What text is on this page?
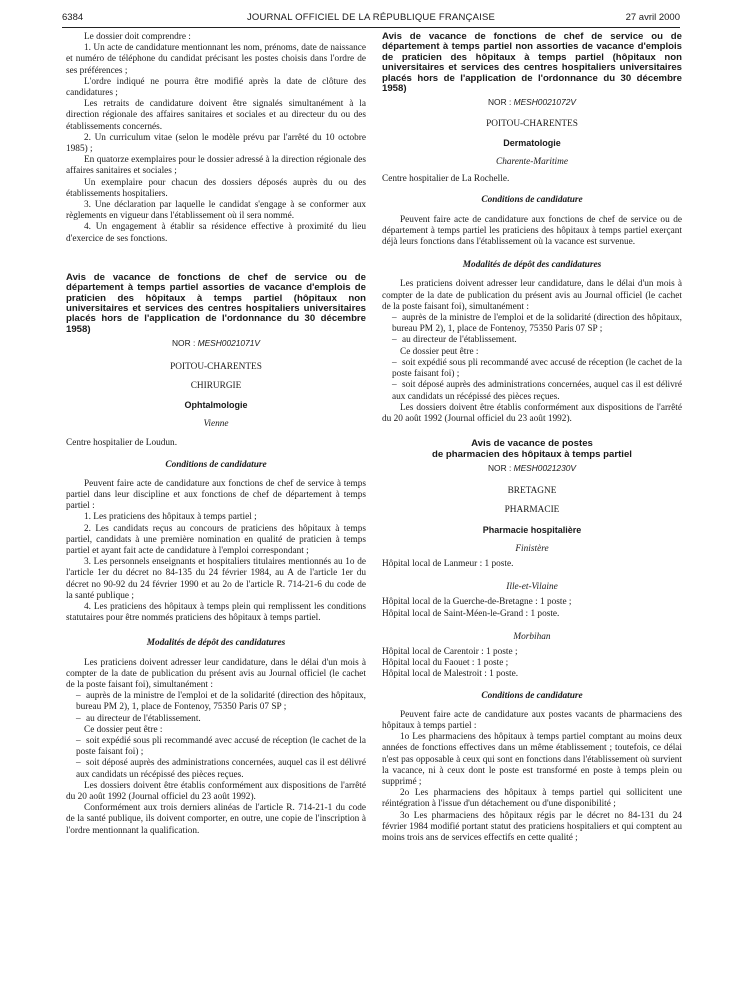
6384	JOURNAL OFFICIEL DE LA RÉPUBLIQUE FRANÇAISE	27 avril 2000

Le dossier doit comprendre :

1. Un acte de candidature mentionnant les nom, prénoms, date de naissance et numéro de téléphone du candidat précisant les postes choisis dans l'ordre de ses préférences ;

L'ordre indiqué ne pourra être modifié après la date de clôture des candidatures ;

Les retraits de candidature doivent être signalés simultanément à la direction régionale des affaires sanitaires et sociales et au directeur du ou des établissements concernés.

2. Un curriculum vitae (selon le modèle prévu par l'arrêté du 10 octobre 1985) ;

En quatorze exemplaires pour le dossier adressé à la direction régionale des affaires sanitaires et sociales ;

Un exemplaire pour chacun des dossiers déposés auprès du ou des établissements hospitaliers.

3. Une déclaration par laquelle le candidat s'engage à se conformer aux règlements en vigueur dans l'établissement où il sera nommé.

4. Un engagement à établir sa résidence effective à proximité du lieu d'exercice de ses fonctions.

Avis de vacance de fonctions de chef de service ou de département à temps partiel assorties de vacance d'emplois de praticien des hôpitaux à temps partiel (hôpitaux non universitaires et services des centres hospitaliers universitaires placés hors de l'application de l'ordonnance du 30 décembre 1958)
NOR : MESH0021071V
POITOU-CHARENTES
CHIRURGIE
Ophtalmologie
Vienne

Centre hospitalier de Loudun.

Conditions de candidature

Peuvent faire acte de candidature aux fonctions de chef de service à temps partiel dans leur discipline et aux fonctions de chef de département à temps partiel :

1. Les praticiens des hôpitaux à temps partiel ;

2. Les candidats reçus au concours de praticiens des hôpitaux à temps partiel, candidats à une première nomination en qualité de praticien à temps partiel et ayant fait acte de candidature à l'emploi correspondant ;

3. Les personnels enseignants et hospitaliers titulaires mentionnés au 1o de l'article 1er du décret no 84-135 du 24 février 1984, au A de l'article 1er du décret no 90-92 du 24 février 1990 et au 2o de l'article R. 714-21-6 du code de la santé publique ;

4. Les praticiens des hôpitaux à temps plein qui remplissent les conditions statutaires pour être nommés praticiens des hôpitaux à temps partiel.

Modalités de dépôt des candidatures

Les praticiens doivent adresser leur candidature, dans le délai d'un mois à compter de la date de publication du présent avis au Journal officiel (le cachet de la poste faisant foi), simultanément :

– auprès de la ministre de l'emploi et de la solidarité (direction des hôpitaux, bureau PM 2), 1, place de Fontenoy, 75350 Paris 07 SP ;

– au directeur de l'établissement.

Ce dossier peut être :

– soit expédié sous pli recommandé avec accusé de réception (le cachet de la poste faisant foi) ;

– soit déposé auprès des administrations concernées, auquel cas il est délivré aux candidats un récépissé des pièces reçues.

Les dossiers doivent être établis conformément aux dispositions de l'arrêté du 20 août 1992 (Journal officiel du 23 août 1992).

Conformément aux trois derniers alinéas de l'article R. 714-21-1 du code de la santé publique, ils doivent comporter, en outre, une copie de l'inscription à l'ordre mentionnant la qualification.

Avis de vacance de fonctions de chef de service ou de département à temps partiel non assorties de vacance d'emplois de praticien des hôpitaux à temps partiel (hôpitaux non universitaires et services des centres hospitaliers universitaires placés hors de l'application de l'ordonnance du 30 décembre 1958)
NOR : MESH0021072V
POITOU-CHARENTES
Dermatologie
Charente-Maritime

Centre hospitalier de La Rochelle.

Conditions de candidature

Peuvent faire acte de candidature aux fonctions de chef de service ou de département à temps partiel les praticiens des hôpitaux à temps partiel exerçant déjà leurs fonctions dans l'établissement où la vacance est survenue.

Modalités de dépôt des candidatures

Les praticiens doivent adresser leur candidature, dans le délai d'un mois à compter de la date de publication du présent avis au Journal officiel (le cachet de la poste faisant foi), simultanément :

– auprès de la ministre de l'emploi et de la solidarité (direction des hôpitaux, bureau PM 2), 1, place de Fontenoy, 75350 Paris 07 SP ;

– au directeur de l'établissement.

Ce dossier peut être :

– soit expédié sous pli recommandé avec accusé de réception (le cachet de la poste faisant foi) ;

– soit déposé auprès des administrations concernées, auquel cas il est délivré aux candidats un récépissé des pièces reçues.

Les dossiers doivent être établis conformément aux dispositions de l'arrêté du 20 août 1992 (Journal officiel du 23 août 1992).

Avis de vacance de postes
de pharmacien des hôpitaux à temps partiel
NOR : MESH0021230V
BRETAGNE
PHARMACIE
Pharmacie hospitalière
Finistère

Hôpital local de Lanmeur : 1 poste.

Ille-et-Vilaine

Hôpital local de la Guerche-de-Bretagne : 1 poste ;

Hôpital local de Saint-Méen-le-Grand : 1 poste.

Morbihan

Hôpital local de Carentoir : 1 poste ;

Hôpital local du Faouet : 1 poste ;

Hôpital local de Malestroit : 1 poste.

Conditions de candidature

Peuvent faire acte de candidature aux postes vacants de pharmaciens des hôpitaux à temps partiel :

1o Les pharmaciens des hôpitaux à temps partiel comptant au moins deux années de fonctions effectives dans un même établissement ; toutefois, ce délai n'est pas opposable à ceux qui sont en fonctions dans l'établissement où survient la vacance, ni à ceux dont le poste est transformé en poste à temps plein ou supprimé ;

2o Les pharmaciens des hôpitaux à temps partiel qui sollicitent une réintégration à l'issue d'un détachement ou d'une disponibilité ;

3o Les pharmaciens des hôpitaux régis par le décret no 84-131 du 24 février 1984 modifié portant statut des praticiens hospitaliers et qui comptent au moins trois ans de services effectifs en cette qualité ;
